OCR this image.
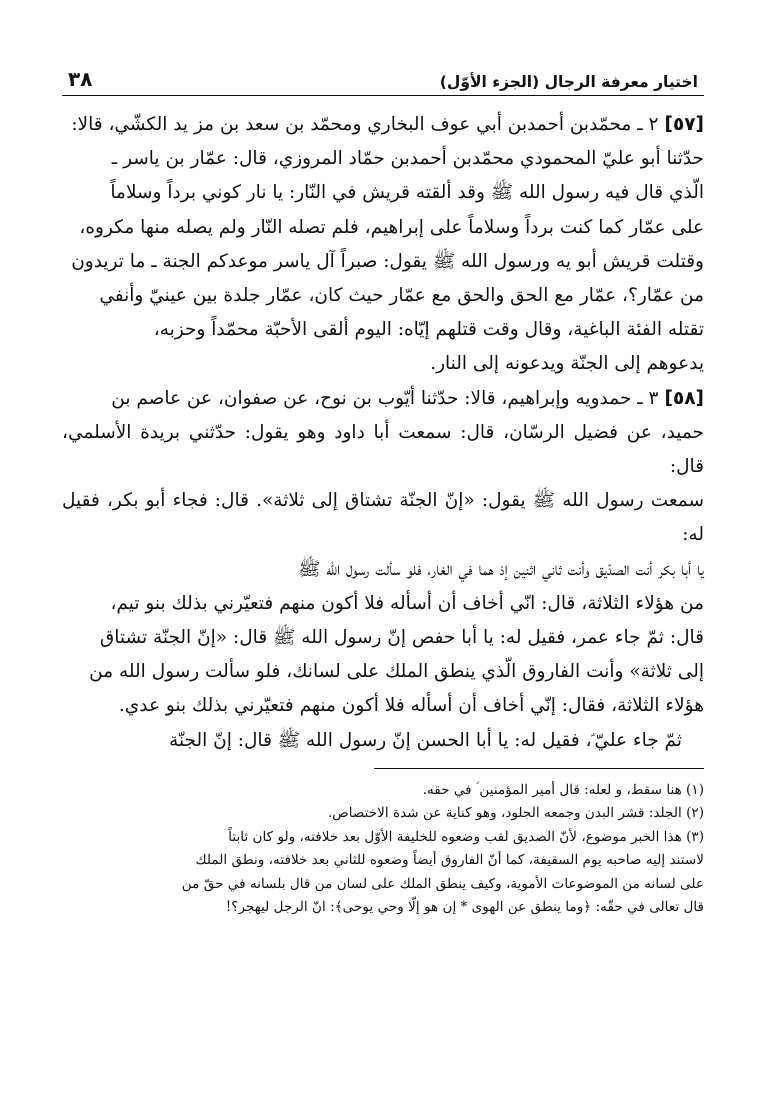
اختيار معرفة الرجال (الجزء الأوّل)
٣٨

[٥٧]٢ ـ محمّدبن أحمدبن أبي عوف البخاري ومحمّد بن سعد بن مز يد الكشّي، قالا:

حدّثنا أبو عليّ المحمودي محمّدبن أحمدبن حمّاد المروزي، قال: عمّار بن ياسر ـ

الّذي قال فيه رسول الله ﷺ وقد ألقته قريش في النّار: يا نار كوني برداً وسلاماً

على عمّار كما كنت برداً وسلاماً على إبراهيم، فلم تصله النّار ولم يصله منها مكروه،

وقتلت قريش أبو يه ورسول الله ﷺ يقول: صبراً آل ياسر موعدكم الجنة ـ ما تريدون

من عمّار؟، عمّار مع الحق والحق مع عمّار حيث كان، عمّار جلدة بين عينيّ وأنفي

تقتله الفئة الباغية، وقال وقت قتلهم إيّاه: اليوم ألقى الأحبّة محمّداً وحزبه،

يدعوهم إلى الجنّة ويدعونه إلى النار.

[٥٨]٣ ـ حمدويه وإبراهيم، قالا: حدّثنا أيّوب بن نوح، عن صفوان، عن عاصم بن

حميد، عن فضيل الرسّان، قال: سمعت أبا داود وهو يقول: حدّثني بريدة الأسلمي، قال:

سمعت رسول الله ﷺ يقول: «إنّ الجنّة تشتاق إلى ثلاثة». قال: فجاء أبو بكر، فقيل له:

يا أبا بكر أنت الصدّيق وأنت ثاني اثنين إذ هما في الغار، فلو سألت رسول الله ﷺ

من هؤلاء الثلاثة، قال: انّي أخاف أن أسأله فلا أكون منهم فتعيّرني بذلك بنو تيم،

قال: ثمّ جاء عمر، فقيل له: يا أبا حفص إنّ رسول الله ﷺ قال: «إنّ الجنّة تشتاق

إلى ثلاثة» وأنت الفاروق الّذي ينطق الملك على لسانك، فلو سألت رسول الله من

هؤلاء الثلاثة، فقال: إنّي أخاف أن أسأله فلا أكون منهم فتعيّرني بذلك بنو عدي.

ثمّ جاء عليّ ؑ، فقيل له: يا أبا الحسن إنّ رسول الله ﷺ قال: إنّ الجنّة

(١) هنا سقط، و لعله: قال أمير المؤمنين ؑ في حقه.

(٢) الجلد: قشر البدن وجمعه الجلود، وهو كناية عن شدة الاختصاص.

(٣) هذا الخبر موضوع، لأنّ الصديق لقب وضعوه للخليفة الأوّل بعد خلافته، ولو كان ثابتاً

لاستند إليه صاحبه يوم السقيفة، كما أنّ الفاروق أيضاً وضعوه للثاني بعد خلافته، ونطق الملك

على لسانه من الموضوعات الأموية، وكيف ينطق الملك على لسان من قال بلسانه في حقّ من

قال تعالى في حقّه: ﴿وما ينطق عن الهوى * إن هو إلّا وحي يوحى﴾: انّ الرجل ليهجر؟!
